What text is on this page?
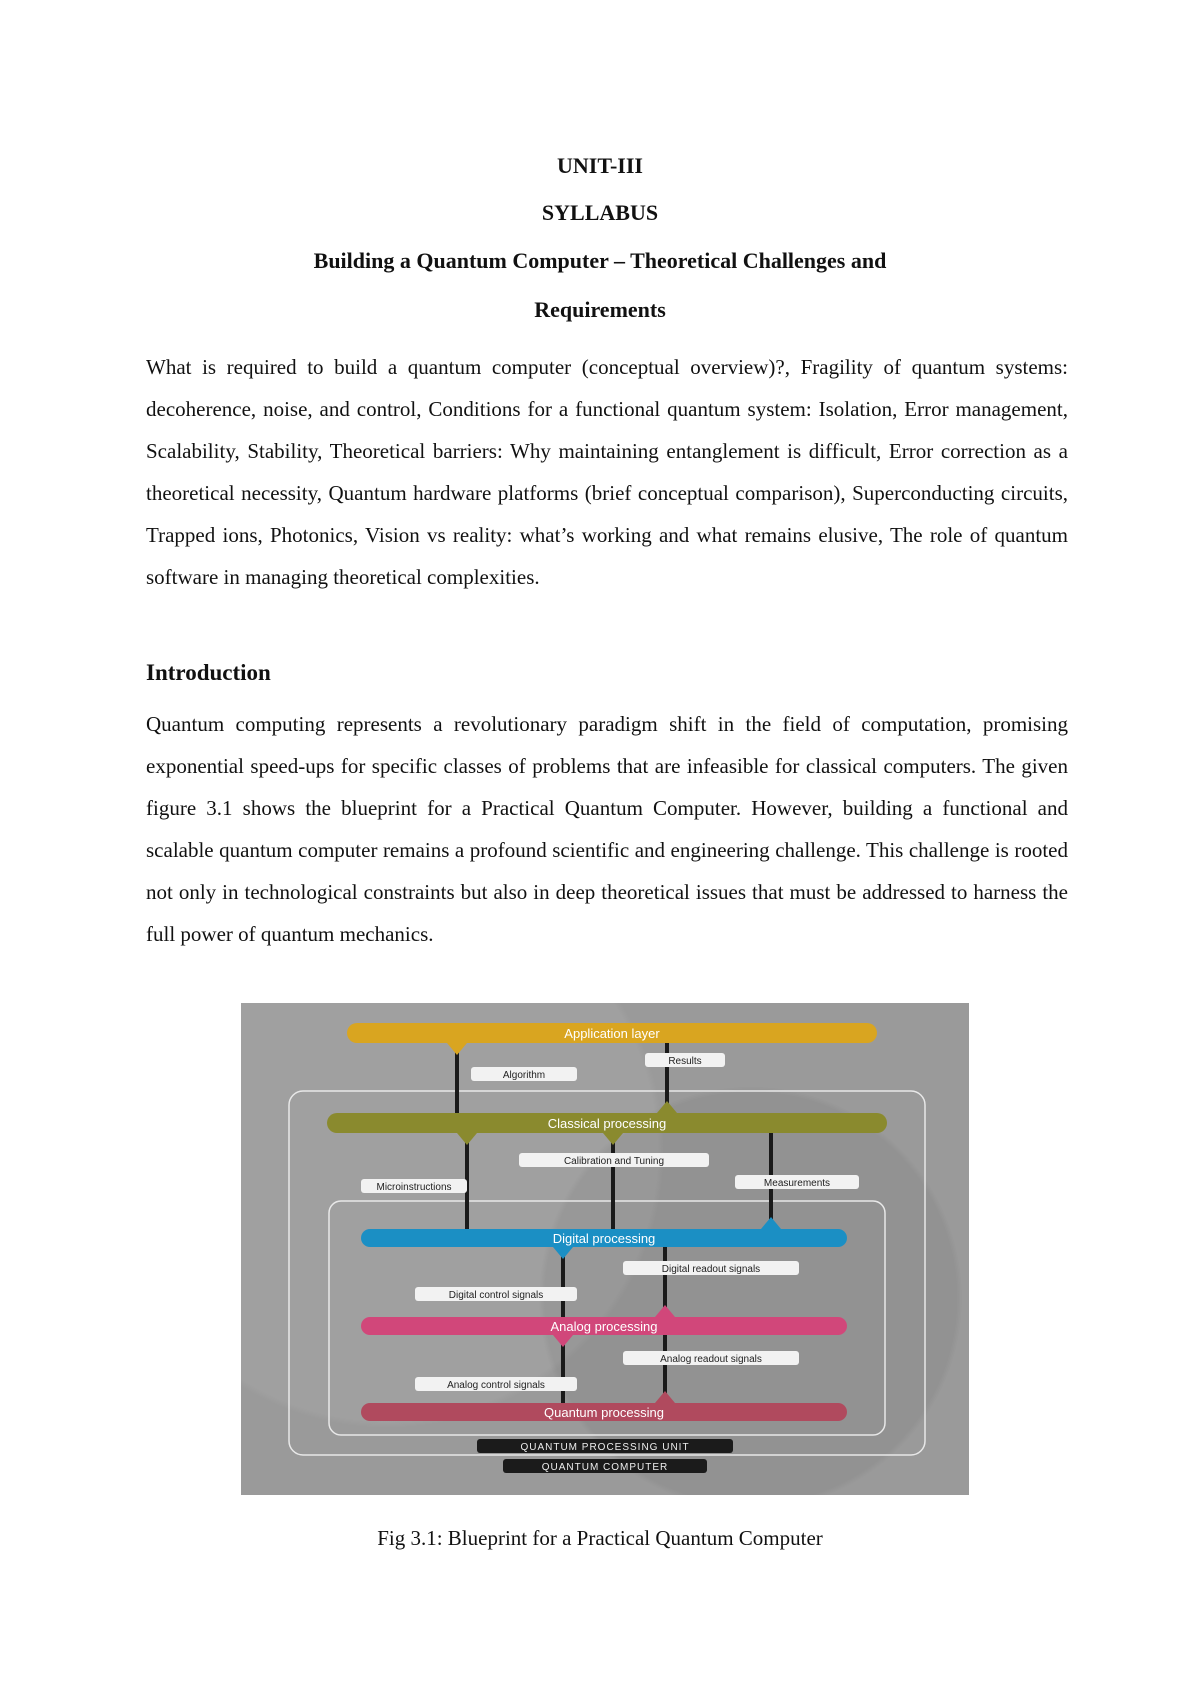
UNIT-III
SYLLABUS
Building a Quantum Computer – Theoretical Challenges and
Requirements

What is required to build a quantum computer (conceptual overview)?, Fragility of quantum systems: decoherence, noise, and control, Conditions for a functional quantum system: Isolation, Error management, Scalability, Stability, Theoretical barriers: Why maintaining entanglement is difficult, Error correction as a theoretical necessity, Quantum hardware platforms (brief conceptual comparison), Superconducting circuits, Trapped ions, Photonics, Vision vs reality: what’s working and what remains elusive, The role of quantum software in managing theoretical complexities.

Introduction

Quantum computing represents a revolutionary paradigm shift in the field of computation, promising exponential speed-ups for specific classes of problems that are infeasible for classical computers. The given figure 3.1 shows the blueprint for a Practical Quantum Computer. However, building a functional and scalable quantum computer remains a profound scientific and engineering challenge. This challenge is rooted not only in technological constraints but also in deep theoretical issues that must be addressed to harness the full power of quantum mechanics.

Application layer
Classical processing
Digital processing
Analog processing
Quantum processing
Algorithm
Results
Microinstructions
Calibration and Tuning
Measurements
Digital readout signals
Digital control signals
Analog readout signals
Analog control signals
QUANTUM PROCESSING UNIT
QUANTUM COMPUTER
Fig 3.1: Blueprint for a Practical Quantum Computer
